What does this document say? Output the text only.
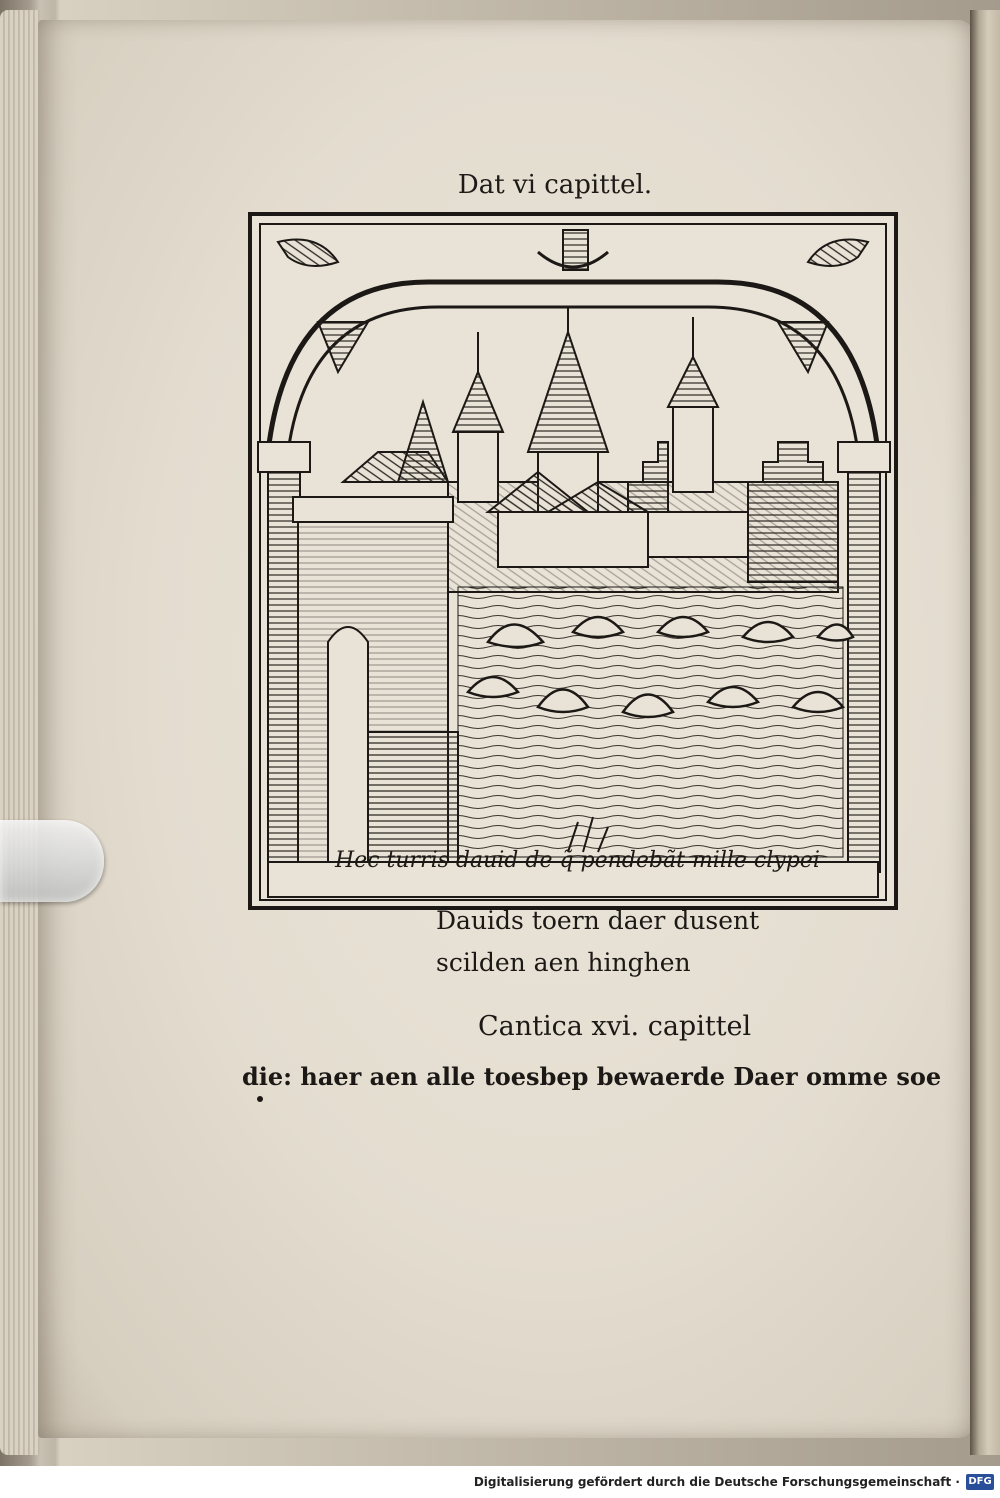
Dat vi capittel.
Hec turris dauid de q̃ pendebãt mille clypei
Dauids toern daer dusent
scilden aen hinghen
Cantica xvi. capittel
die: haer aen alle toesbep bewaerde Daer omme soe
Digitalisierung gefördert durch die Deutsche Forschungsgemeinschaft · DFG
